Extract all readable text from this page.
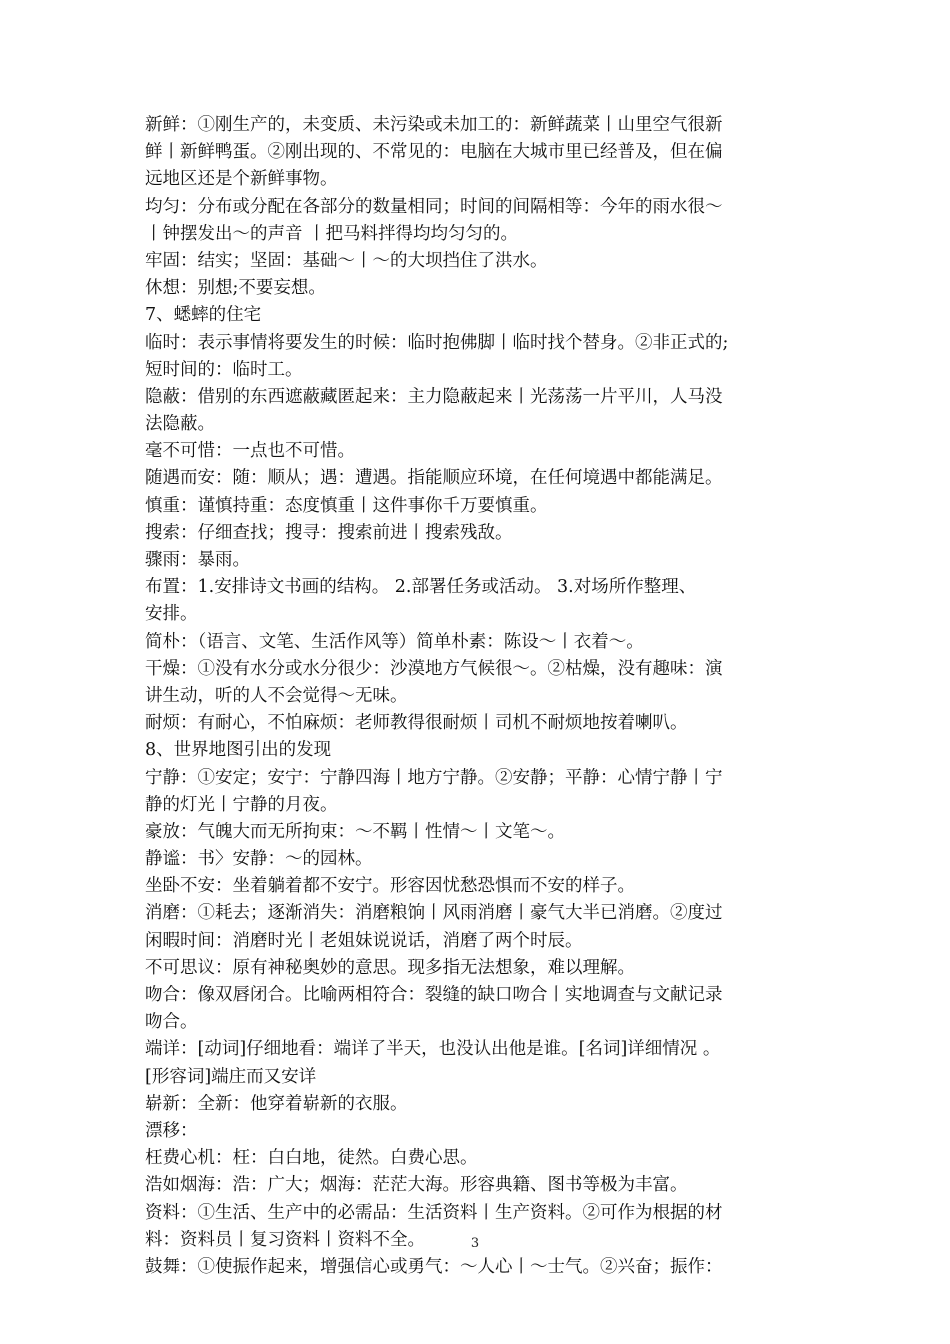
新鲜：①刚生产的，未变质、未污染或未加工的：新鲜蔬菜丨山里空气很新
鲜丨新鲜鸭蛋。②刚出现的、不常见的：电脑在大城市里已经普及，但在偏
远地区还是个新鲜事物。
均匀：分布或分配在各部分的数量相同；时间的间隔相等：今年的雨水很～
丨钟摆发出～的声音 丨把马料拌得均均匀匀的。
牢固：结实；坚固：基础～丨～的大坝挡住了洪水。
休想：别想;不要妄想。
7、蟋蟀的住宅
临时：表示事情将要发生的时候：临时抱佛脚丨临时找个替身。②非正式的;
短时间的：临时工。
隐蔽：借别的东西遮蔽藏匿起来：主力隐蔽起来丨光荡荡一片平川，人马没
法隐蔽。
毫不可惜：一点也不可惜。
随遇而安：随：顺从；遇：遭遇。指能顺应环境，在任何境遇中都能满足。
慎重：谨慎持重：态度慎重丨这件事你千万要慎重。
搜索：仔细查找；搜寻：搜索前进丨搜索残敌。
骤雨：暴雨。
布置：1.安排诗文书画的结构。 2.部署任务或活动。 3.对场所作整理、
安排。
简朴：（语言、文笔、生活作风等）简单朴素：陈设～丨衣着～。
干燥：①没有水分或水分很少：沙漠地方气候很～。②枯燥，没有趣味：演
讲生动，听的人不会觉得～无味。
耐烦：有耐心，不怕麻烦：老师教得很耐烦丨司机不耐烦地按着喇叭。
8、世界地图引出的发现
宁静：①安定；安宁：宁静四海丨地方宁静。②安静；平静：心情宁静丨宁
静的灯光丨宁静的月夜。
豪放：气魄大而无所拘束：～不羁丨性情～丨文笔～。
静谧：书〉安静：～的园林。
坐卧不安：坐着躺着都不安宁。形容因忧愁恐惧而不安的样子。
消磨：①耗去；逐渐消失：消磨粮饷丨风雨消磨丨豪气大半已消磨。②度过
闲暇时间：消磨时光丨老姐妹说说话，消磨了两个时辰。
不可思议：原有神秘奥妙的意思。现多指无法想象，难以理解。
吻合：像双唇闭合。比喻两相符合：裂缝的缺口吻合丨实地调查与文献记录
吻合。
端详：[动词]仔细地看：端详了半天，也没认出他是谁。[名词]详细情况 。
[形容词]端庄而又安详
崭新：全新：他穿着崭新的衣服。
漂移：
枉费心机：枉：白白地，徒然。白费心思。
浩如烟海：浩：广大；烟海：茫茫大海。形容典籍、图书等极为丰富。
资料：①生活、生产中的必需品：生活资料丨生产资料。②可作为根据的材
料：资料员丨复习资料丨资料不全。
鼓舞：①使振作起来，增强信心或勇气：～人心丨～士气。②兴奋；振作：
3
